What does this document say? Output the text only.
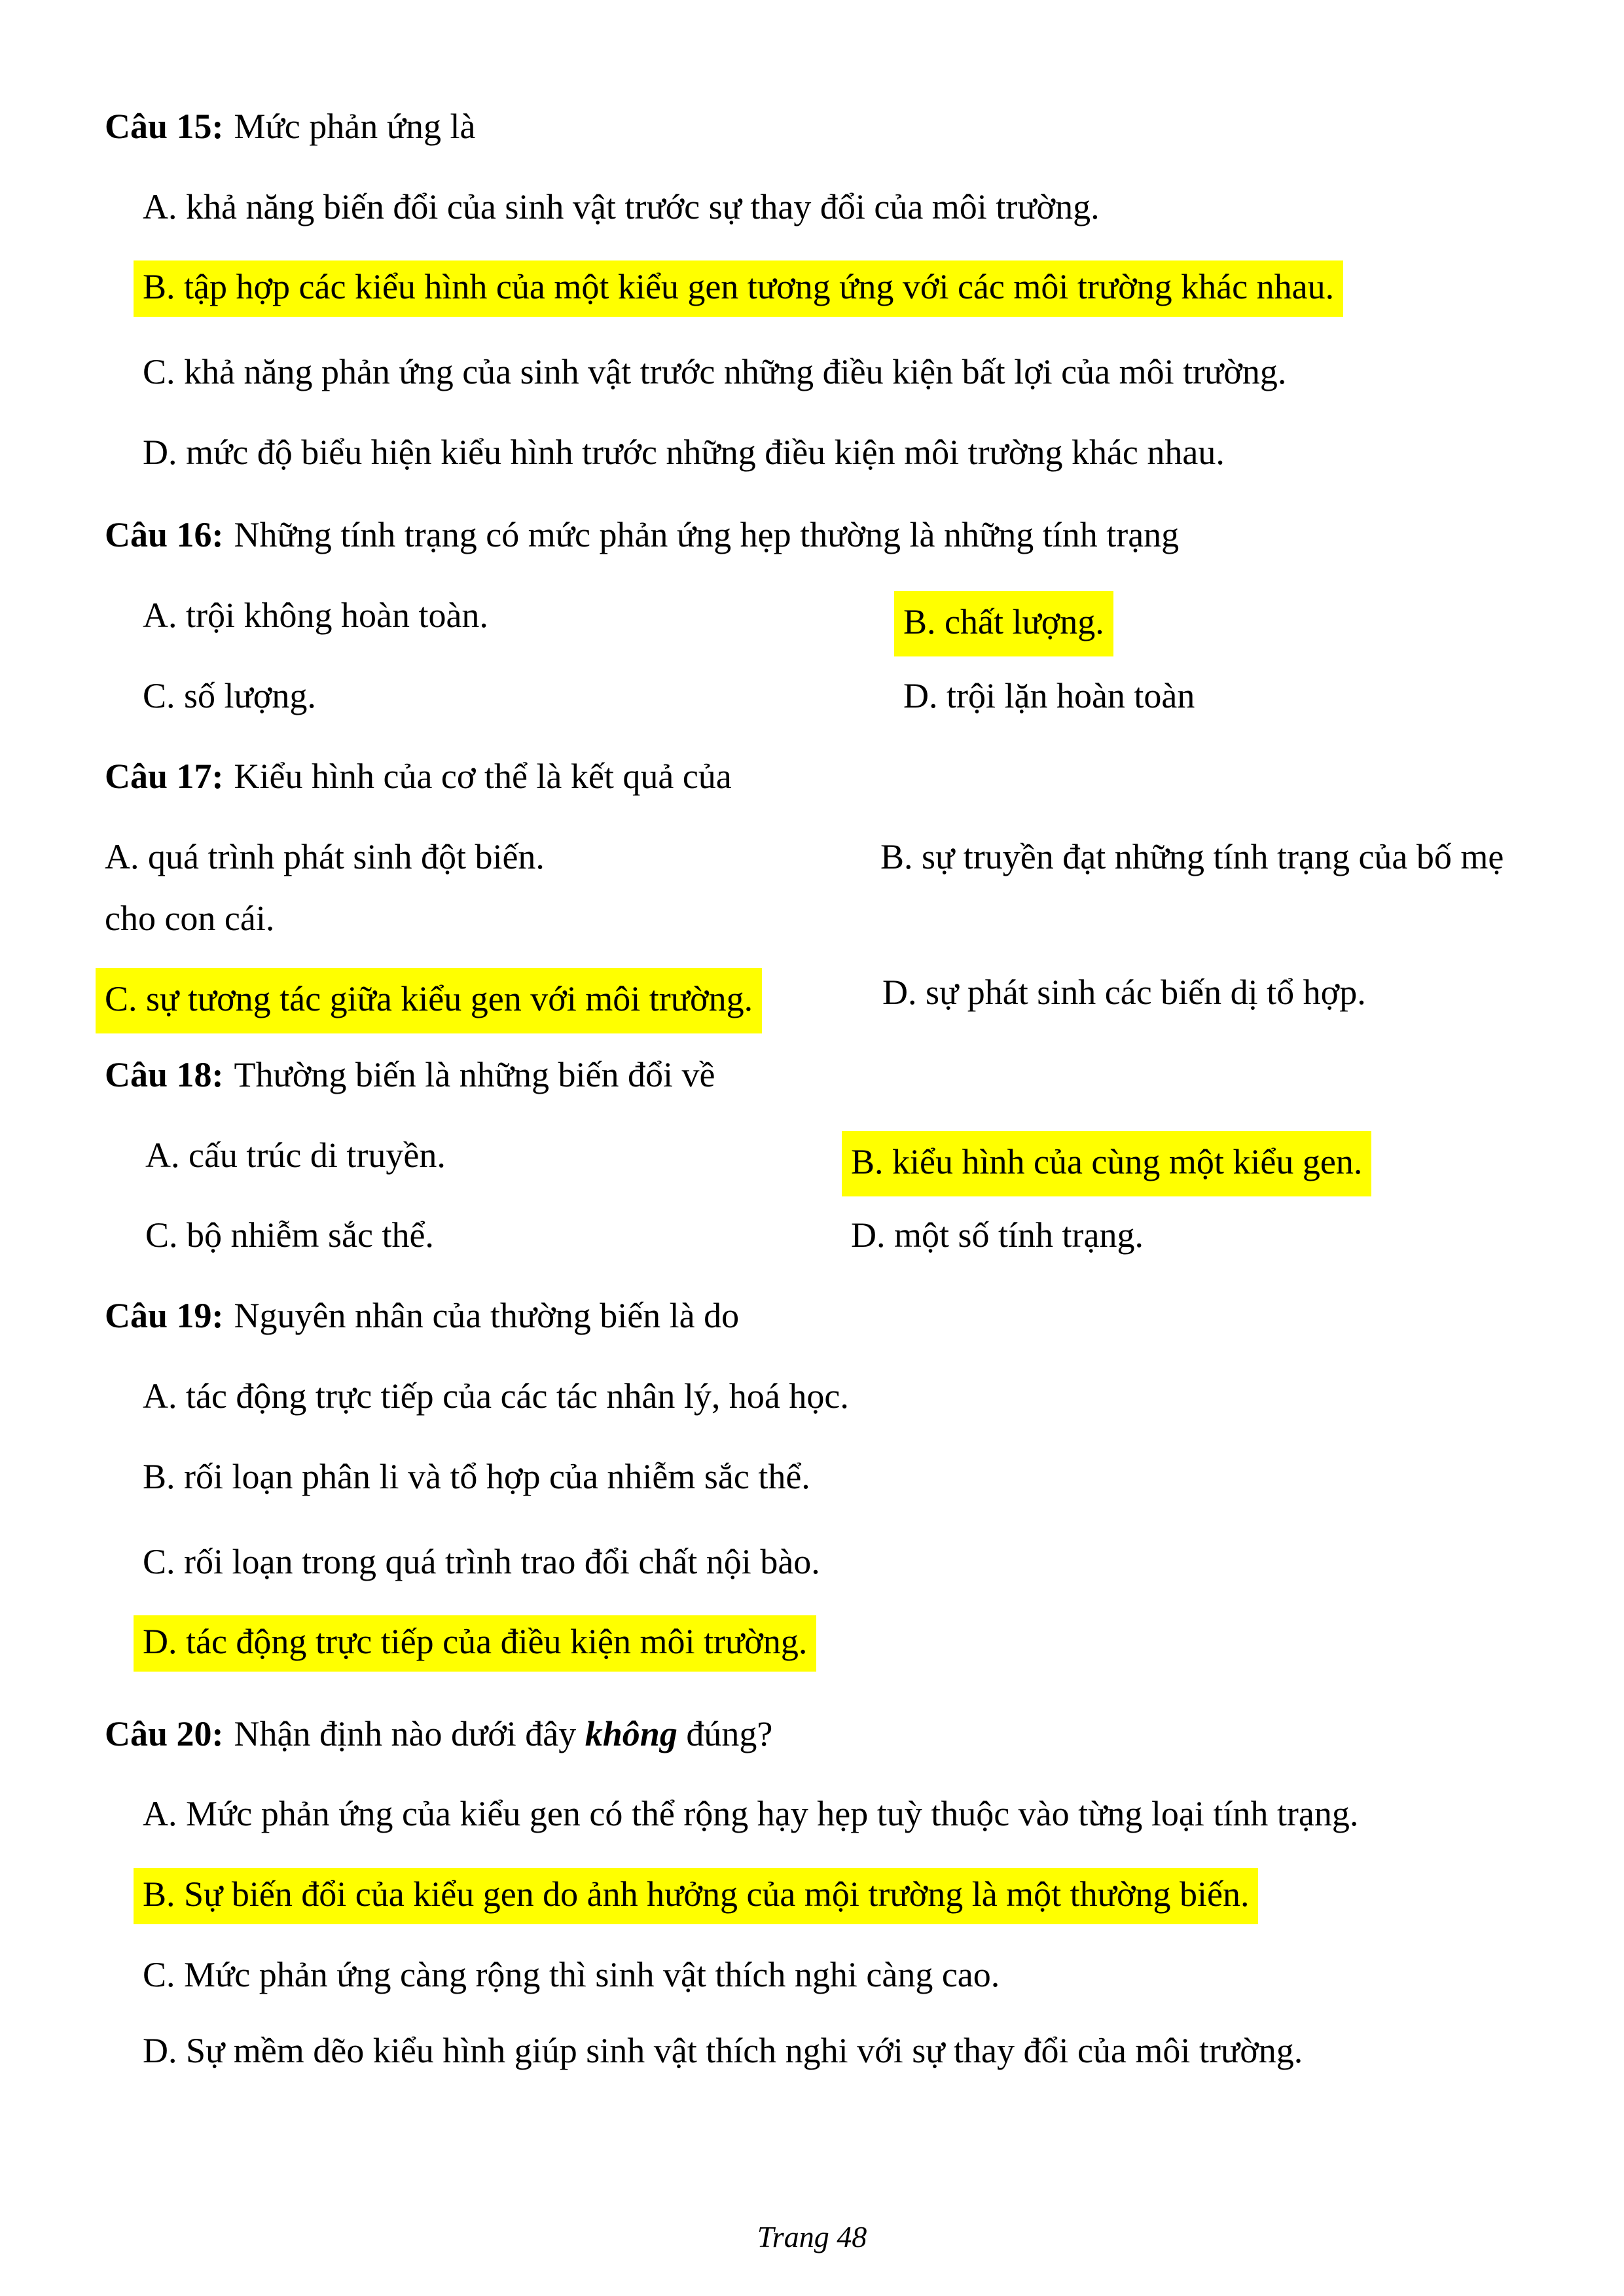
Câu 15: Mức phản ứng là
A. khả năng biến đổi của sinh vật trước sự thay đổi của môi trường.
B. tập hợp các kiểu hình của một kiểu gen tương ứng với các môi trường khác nhau.
C. khả năng phản ứng của sinh vật trước những điều kiện bất lợi của môi trường.
D. mức độ biểu hiện kiểu hình trước những điều kiện môi trường khác nhau.
Câu 16: Những tính trạng có mức phản ứng hẹp thường là những tính trạng
A. trội không hoàn toàn.	B. chất lượng.
C. số lượng.	D. trội lặn hoàn toàn
Câu 17: Kiểu hình của cơ thể là kết quả của
A. quá trình phát sinh đột biến.	B. sự truyền đạt những tính trạng của bố mẹ
cho con cái.
C. sự tương tác giữa kiểu gen với môi trường.	D. sự phát sinh các biến dị tổ hợp.
Câu 18: Thường biến là những biến đổi về
A. cấu trúc di truyền.	B. kiểu hình của cùng một kiểu gen.
C. bộ nhiễm sắc thể.	D. một số tính trạng.
Câu 19: Nguyên nhân của thường biến là do
A. tác động trực tiếp của các tác nhân lý, hoá học.
B. rối loạn phân li và tổ hợp của nhiễm sắc thể.
C. rối loạn trong quá trình trao đổi chất nội bào.
D. tác động trực tiếp của điều kiện môi trường.
Câu 20: Nhận định nào dưới đây không đúng?
A. Mức phản ứng của kiểu gen có thể rộng hạy hẹp tuỳ thuộc vào từng loại tính trạng.
B. Sự biến đổi của kiểu gen do ảnh hưởng của mội trường là một thường biến.
C. Mức phản ứng càng rộng thì sinh vật thích nghi càng cao.
D. Sự mềm dẽo kiểu hình giúp sinh vật thích nghi với sự thay đổi của môi trường.
Trang 48
